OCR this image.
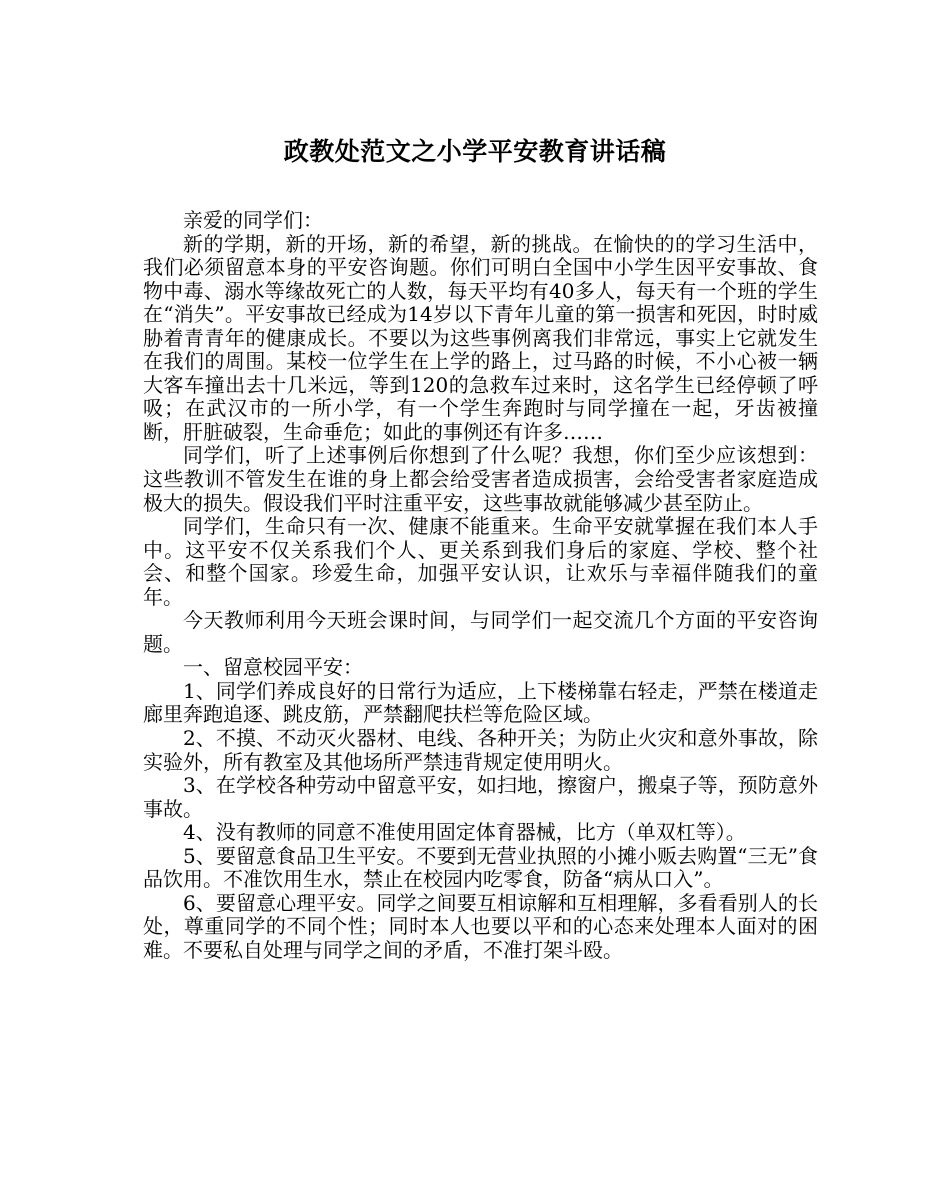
政教处范文之小学平安教育讲话稿

亲爱的同学们：

新的学期，新的开场，新的希望，新的挑战。在愉快的的学习生活中，我们必须留意本身的平安咨询题。你们可明白全国中小学生因平安事故、食物中毒、溺水等缘故死亡的人数，每天平均有40多人，每天有一个班的学生在“消失”。平安事故已经成为14岁以下青年儿童的第一损害和死因，时时威胁着青青年的健康成长。不要以为这些事例离我们非常远，事实上它就发生在我们的周围。某校一位学生在上学的路上，过马路的时候，不小心被一辆大客车撞出去十几米远，等到120的急救车过来时，这名学生已经停顿了呼吸；在武汉市的一所小学，有一个学生奔跑时与同学撞在一起，牙齿被撞断，肝脏破裂，生命垂危；如此的事例还有许多……

同学们，听了上述事例后你想到了什么呢？我想，你们至少应该想到：这些教训不管发生在谁的身上都会给受害者造成损害，会给受害者家庭造成极大的损失。假设我们平时注重平安，这些事故就能够减少甚至防止。

同学们，生命只有一次、健康不能重来。生命平安就掌握在我们本人手中。这平安不仅关系我们个人、更关系到我们身后的家庭、学校、整个社会、和整个国家。珍爱生命，加强平安认识，让欢乐与幸福伴随我们的童年。

今天教师利用今天班会课时间，与同学们一起交流几个方面的平安咨询题。

一、留意校园平安：

1、同学们养成良好的日常行为适应，上下楼梯靠右轻走，严禁在楼道走廊里奔跑追逐、跳皮筋，严禁翻爬扶栏等危险区域。

2、不摸、不动灭火器材、电线、各种开关；为防止火灾和意外事故，除实验外，所有教室及其他场所严禁违背规定使用明火。

3、在学校各种劳动中留意平安，如扫地，擦窗户，搬桌子等，预防意外事故。

4、没有教师的同意不准使用固定体育器械，比方（单双杠等）。

5、要留意食品卫生平安。不要到无营业执照的小摊小贩去购置“三无”食品饮用。不准饮用生水，禁止在校园内吃零食，防备“病从口入”。

6、要留意心理平安。同学之间要互相谅解和互相理解，多看看别人的长处，尊重同学的不同个性；同时本人也要以平和的心态来处理本人面对的困难。不要私自处理与同学之间的矛盾，不准打架斗殴。
